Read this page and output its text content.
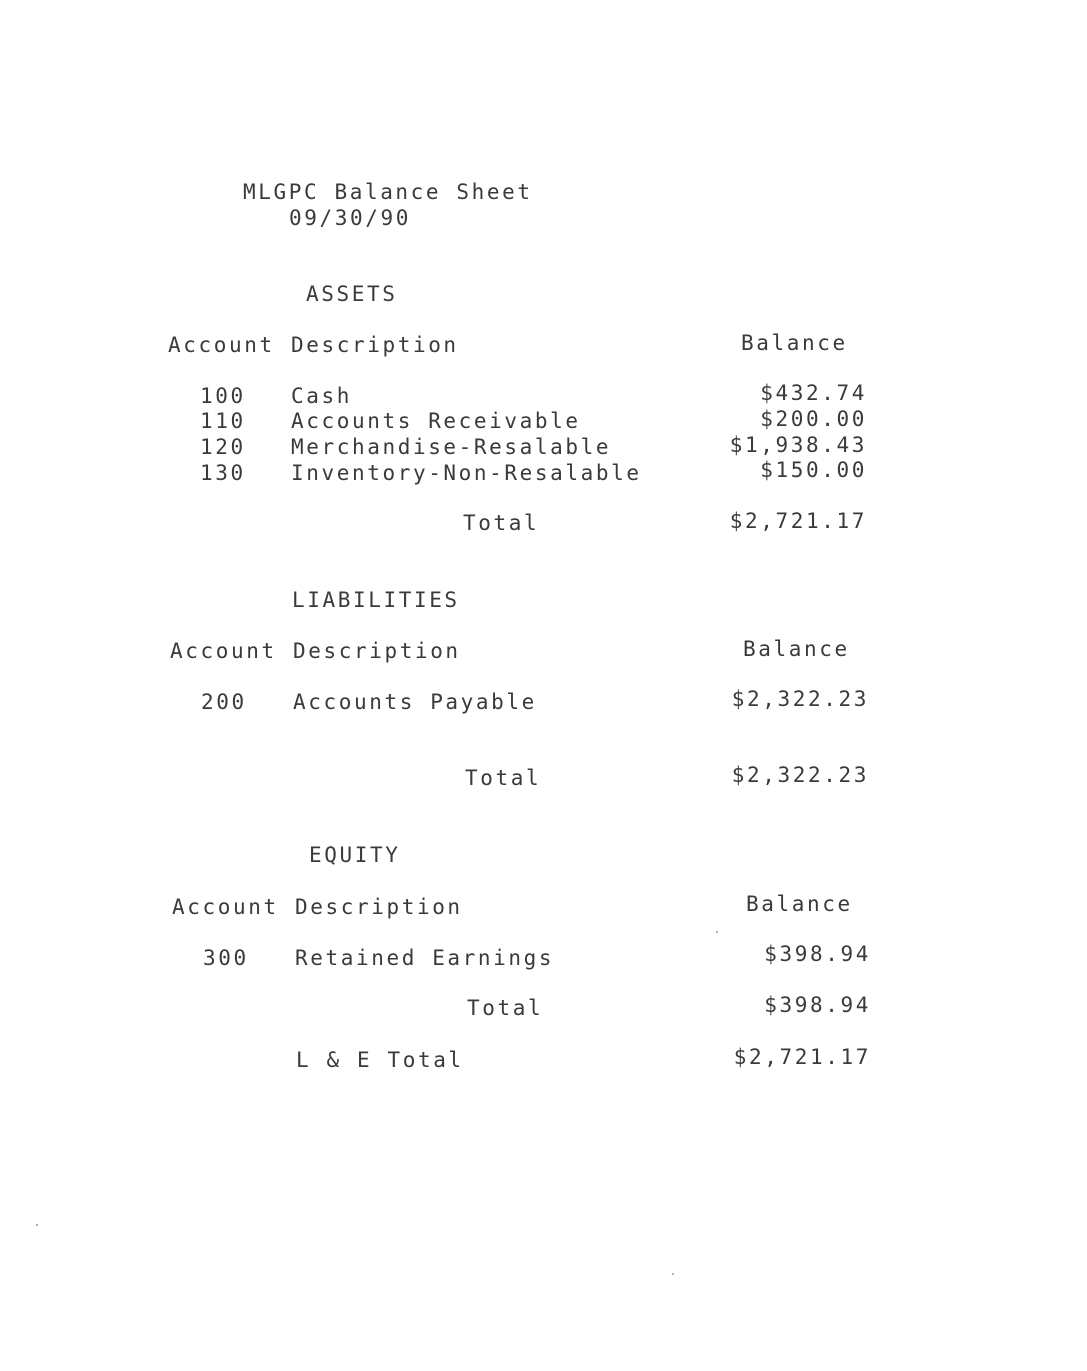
MLGPC Balance Sheet
09/30/90
ASSETS
Account Description	Balance
100 Cash	$432.74
110 Accounts Receivable	$200.00
120 Merchandise-Resalable	$1,938.43
130 Inventory-Non-Resalable	$150.00
Total	$2,721.17
LIABILITIES
Account Description	Balance
200 Accounts Payable	$2,322.23
Total	$2,322.23
EQUITY
Account Description	Balance
300 Retained Earnings	$398.94
Total	$398.94
L & E Total	$2,721.17
